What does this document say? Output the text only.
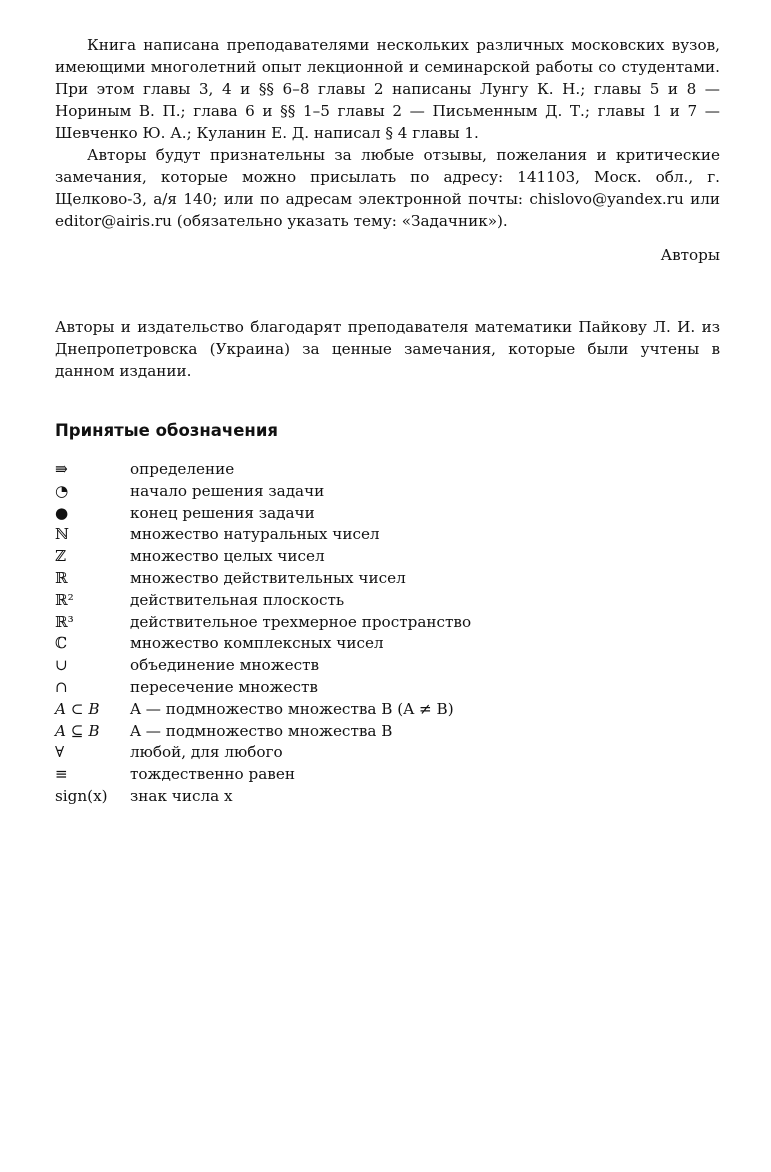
Книга написана преподавателями нескольких различных московских вузов, имеющими многолетний опыт лекционной и семинарской работы со студентами. При этом главы 3, 4 и §§ 6–8 главы 2 написаны Лунгу К. Н.; главы 5 и 8 — Нориным В. П.; глава 6 и §§ 1–5 главы 2 — Письменным Д. Т.; главы 1 и 7 — Шевченко Ю. А.; Куланин Е. Д. написал § 4 главы 1.

Авторы будут признательны за любые отзывы, пожелания и критические замечания, которые можно присылать по адресу: 141103, Моск. обл., г. Щелково-3, а/я 140; или по адресам электронной почты: chislovo@yandex.ru или editor@airis.ru (обязательно указать тему: «Задачник»).

Авторы

Авторы и издательство благодарят преподавателя математики Пайкову Л. И. из Днепропетровска (Украина) за ценные замечания, которые были учтены в данном издании.

Принятые обозначения
⇛	определение
◔	начало решения задачи
●	конец решения задачи
ℕ	множество натуральных чисел
ℤ	множество целых чисел
ℝ	множество действительных чисел
ℝ²	действительная плоскость
ℝ³	действительное трехмерное пространство
ℂ	множество комплексных чисел
∪	объединение множеств
∩	пересечение множеств
A ⊂ B	A — подмножество множества B (A ≠ B)
A ⊆ B	A — подмножество множества B
∀	любой, для любого
≡	тождественно равен
sign(x)	знак числа x
